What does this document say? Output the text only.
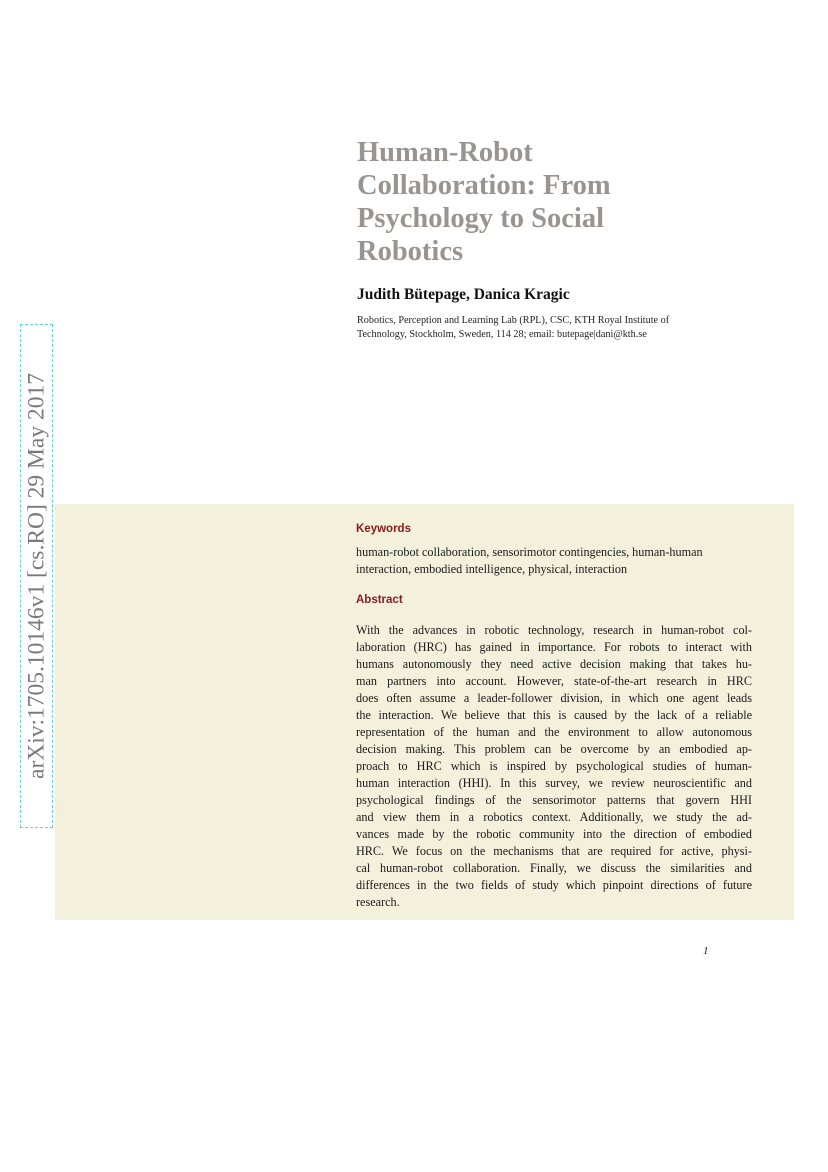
Human-Robot
Collaboration: From
Psychology to Social
Robotics
Judith Bütepage, Danica Kragic
Robotics, Perception and Learning Lab (RPL), CSC, KTH Royal Institute of
Technology, Stockholm, Sweden, 114 28; email: butepage|dani@kth.se
arXiv:1705.10146v1 [cs.RO] 29 May 2017	Keywords
human-robot collaboration, sensorimotor contingencies, human-human
interaction, embodied intelligence, physical, interaction
Abstract
With the advances in robotic technology, research in human-robot col-
laboration (HRC) has gained in importance. For robots to interact with
humans autonomously they need active decision making that takes hu-
man partners into account. However, state-of-the-art research in HRC
does often assume a leader-follower division, in which one agent leads
the interaction. We believe that this is caused by the lack of a reliable
representation of the human and the environment to allow autonomous
decision making. This problem can be overcome by an embodied ap-
proach to HRC which is inspired by psychological studies of human-
human interaction (HHI). In this survey, we review neuroscientific and
psychological findings of the sensorimotor patterns that govern HHI
and view them in a robotics context. Additionally, we study the ad-
vances made by the robotic community into the direction of embodied
HRC. We focus on the mechanisms that are required for active, physi-
cal human-robot collaboration. Finally, we discuss the similarities and
differences in the two fields of study which pinpoint directions of future
research.
1
